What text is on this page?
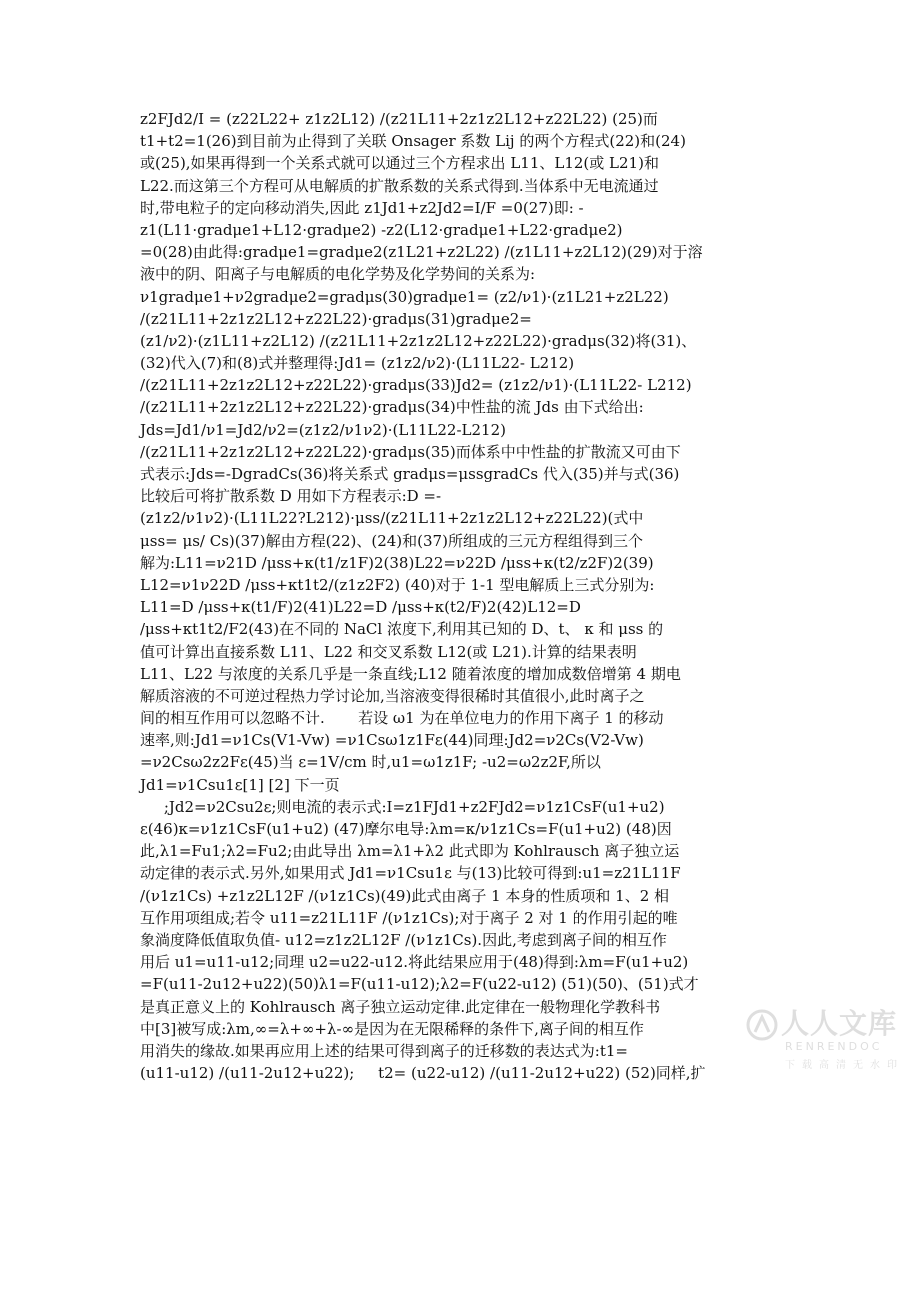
z2FJd2/I = (z22L22+ z1z2L12) /(z21L11+2z1z2L12+z22L22) (25)而
t1+t2=1(26)到目前为止得到了关联 Onsager 系数 Lij 的两个方程式(22)和(24)
或(25),如果再得到一个关系式就可以通过三个方程求出 L11、L12(或 L21)和
L22.而这第三个方程可从电解质的扩散系数的关系式得到.当体系中无电流通过
时,带电粒子的定向移动消失,因此 z1Jd1+z2Jd2=I/F =0(27)即: -
z1(L11·gradμe1+L12·gradμe2) -z2(L12·gradμe1+L22·gradμe2)
=0(28)由此得:gradμe1=gradμe2(z1L21+z2L22) /(z1L11+z2L12)(29)对于溶
液中的阴、阳离子与电解质的电化学势及化学势间的关系为:
ν1gradμe1+ν2gradμe2=gradμs(30)gradμe1= (z2/ν1)·(z1L21+z2L22)
/(z21L11+2z1z2L12+z22L22)·gradμs(31)gradμe2=
(z1/ν2)·(z1L11+z2L12) /(z21L11+2z1z2L12+z22L22)·gradμs(32)将(31)、
(32)代入(7)和(8)式并整理得:Jd1= (z1z2/ν2)·(L11L22- L212)
/(z21L11+2z1z2L12+z22L22)·gradμs(33)Jd2= (z1z2/ν1)·(L11L22- L212)
/(z21L11+2z1z2L12+z22L22)·gradμs(34)中性盐的流 Jds 由下式给出:
Jds=Jd1/ν1=Jd2/ν2=(z1z2/ν1ν2)·(L11L22-L212)
/(z21L11+2z1z2L12+z22L22)·gradμs(35)而体系中中性盐的扩散流又可由下
式表示:Jds=-DgradCs(36)将关系式 gradμs=μssgradCs 代入(35)并与式(36)
比较后可将扩散系数 D 用如下方程表示:D =-
(z1z2/ν1ν2)·(L11L22?L212)·μss/(z21L11+2z1z2L12+z22L22)(式中
μss= μs/ Cs)(37)解由方程(22)、(24)和(37)所组成的三元方程组得到三个
解为:L11=ν21D /μss+κ(t1/z1F)2(38)L22=ν22D /μss+κ(t2/z2F)2(39)
L12=ν1ν22D /μss+κt1t2/(z1z2F2) (40)对于 1-1 型电解质上三式分别为:
L11=D /μss+κ(t1/F)2(41)L22=D /μss+κ(t2/F)2(42)L12=D
/μss+κt1t2/F2(43)在不同的 NaCl 浓度下,利用其已知的 D、t、 κ 和 μss 的
值可计算出直接系数 L11、L22 和交叉系数 L12(或 L21).计算的结果表明
L11、L22 与浓度的关系几乎是一条直线;L12 随着浓度的增加成数倍增第 4 期电
解质溶液的不可逆过程热力学讨论加,当溶液变得很稀时其值很小,此时离子之
间的相互作用可以忽略不计.       若设 ω1 为在单位电力的作用下离子 1 的移动
速率,则:Jd1=ν1Cs(V1-Vw) =ν1Csω1z1Fε(44)同理:Jd2=ν2Cs(V2-Vw)
=ν2Csω2z2Fε(45)当 ε=1V/cm 时,u1=ω1z1F; -u2=ω2z2F,所以
Jd1=ν1Csu1ε[1] [2] 下一页
;Jd2=ν2Csu2ε;则电流的表示式:I=z1FJd1+z2FJd2=ν1z1CsF(u1+u2)
ε(46)κ=ν1z1CsF(u1+u2) (47)摩尔电导:λm=κ/ν1z1Cs=F(u1+u2) (48)因
此,λ1=Fu1;λ2=Fu2;由此导出 λm=λ1+λ2 此式即为 Kohlrausch 离子独立运
动定律的表示式.另外,如果用式 Jd1=ν1Csu1ε 与(13)比较可得到:u1=z21L11F
/(ν1z1Cs) +z1z2L12F /(ν1z1Cs)(49)此式由离子 1 本身的性质项和 1、2 相
互作用项组成;若令 u11=z21L11F /(ν1z1Cs);对于离子 2 对 1 的作用引起的唯
象淌度降低值取负值- u12=z1z2L12F /(ν1z1Cs).因此,考虑到离子间的相互作
用后 u1=u11-u12;同理 u2=u22-u12.将此结果应用于(48)得到:λm=F(u1+u2)
=F(u11-2u12+u22)(50)λ1=F(u11-u12);λ2=F(u22-u12) (51)(50)、(51)式才
是真正意义上的 Kohlrausch 离子独立运动定律.此定律在一般物理化学教科书
中[3]被写成:λm,∞=λ+∞+λ-∞是因为在无限稀释的条件下,离子间的相互作
用消失的缘故.如果再应用上述的结果可得到离子的迁移数的表达式为:t1=
(u11-u12) /(u11-2u12+u22);     t2= (u22-u12) /(u11-2u12+u22) (52)同样,扩
人人文库
RENRENDOC
下载高清无水印
